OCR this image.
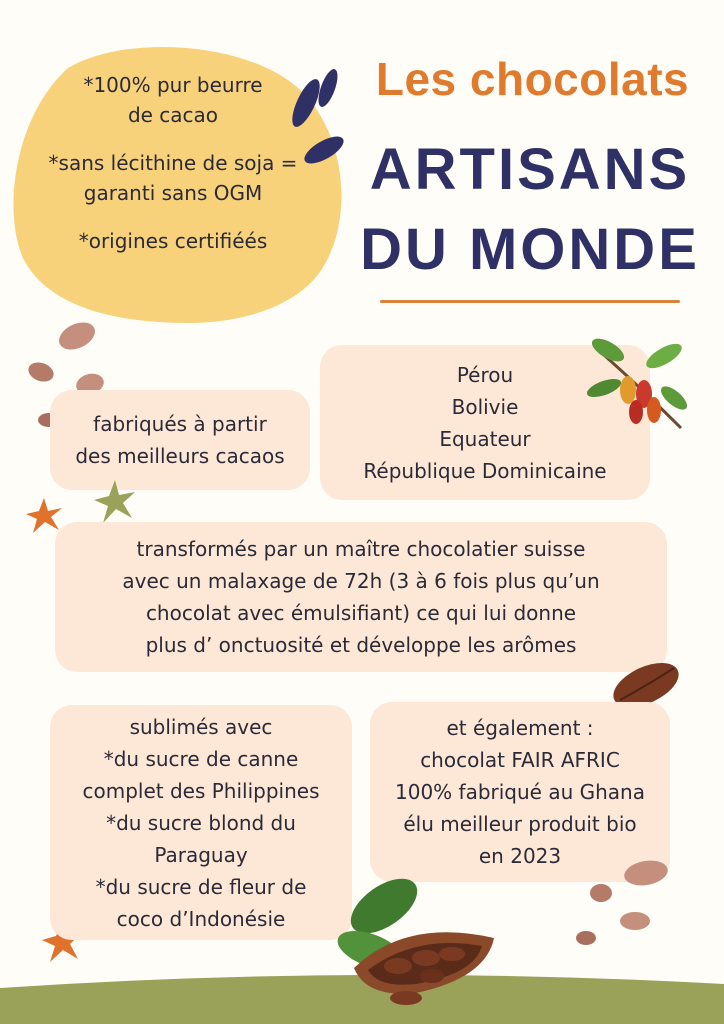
*100% pur beurre
de cacao
*sans lécithine de soja =
garanti sans OGM
*origines certifiéés
Les chocolats
ARTISANS
DU MONDE
fabriqués à partir
des meilleurs cacaos
Pérou
Bolivie
Equateur
République Dominicaine
transformés par un maître chocolatier suisse
avec un malaxage de 72h (3 à 6 fois plus qu’un
chocolat avec émulsifiant) ce qui lui donne
plus d’ onctuosité et développe les arômes
sublimés avec
*du sucre de canne
complet des Philippines
*du sucre blond du
Paraguay
*du sucre de fleur de
coco d’Indonésie
et également :
chocolat FAIR AFRIC
100% fabriqué au Ghana
élu meilleur produit bio
en 2023
